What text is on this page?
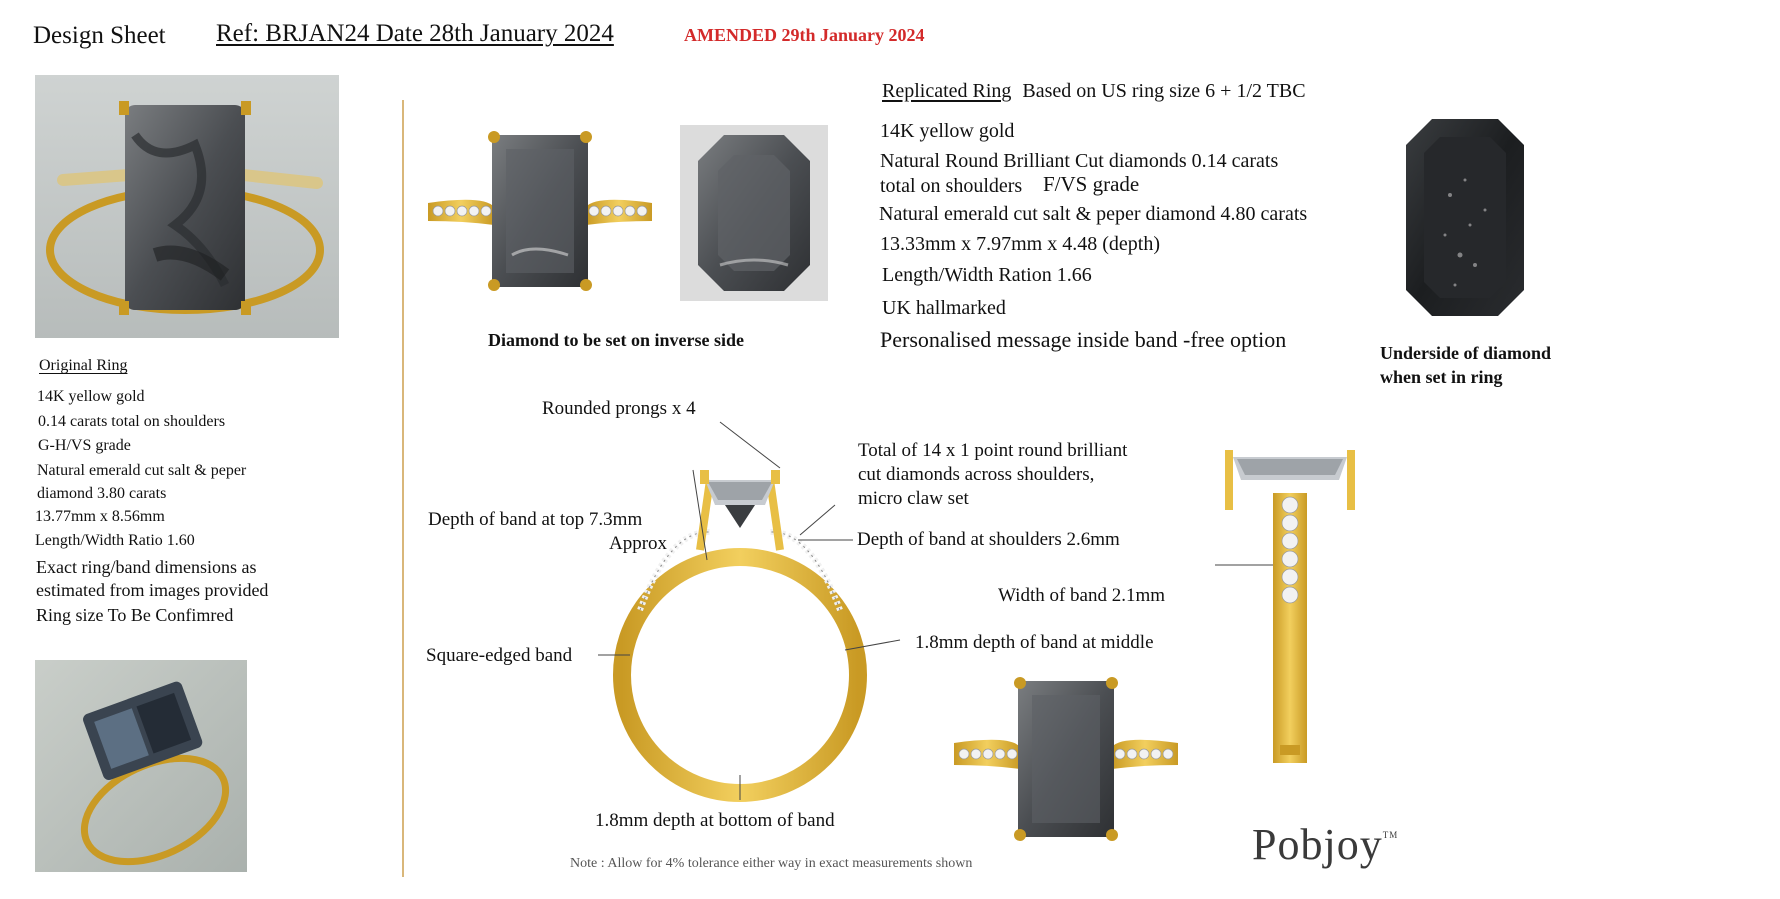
Design Sheet Ref: BRJAN24 Date 28th January 2024	AMENDED 29th January 2024
Original Ring
14K yellow gold
0.14 carats total on shoulders
G-H/VS grade
Natural emerald cut salt & peper
diamond 3.80 carats
13.77mm x 8.56mm
Length/Width Ratio 1.60
Exact ring/band dimensions as
estimated from images provided
Ring size To Be Confimred
Diamond to be set on inverse side
Replicated Ring Based on US ring size 6 + 1/2 TBC
14K yellow gold
Natural Round Brilliant Cut diamonds 0.14 carats
total on shoulders F/VS grade
Natural emerald cut salt & peper diamond 4.80 carats
13.33mm x 7.97mm x 4.48 (depth)
Length/Width Ration 1.66
UK hallmarked
Personalised message inside band -free option
Underside of diamond
when set in ring
Rounded prongs x 4
Depth of band at top 7.3mm
Approx
Square-edged band
1.8mm depth at bottom of band
Total of 14 x 1 point round brilliant
cut diamonds across shoulders,
micro claw set
Depth of band at shoulders 2.6mm
Width of band 2.1mm
1.8mm depth of band at middle
Note : Allow for 4% tolerance either way in exact measurements shown	Pobjoy™
